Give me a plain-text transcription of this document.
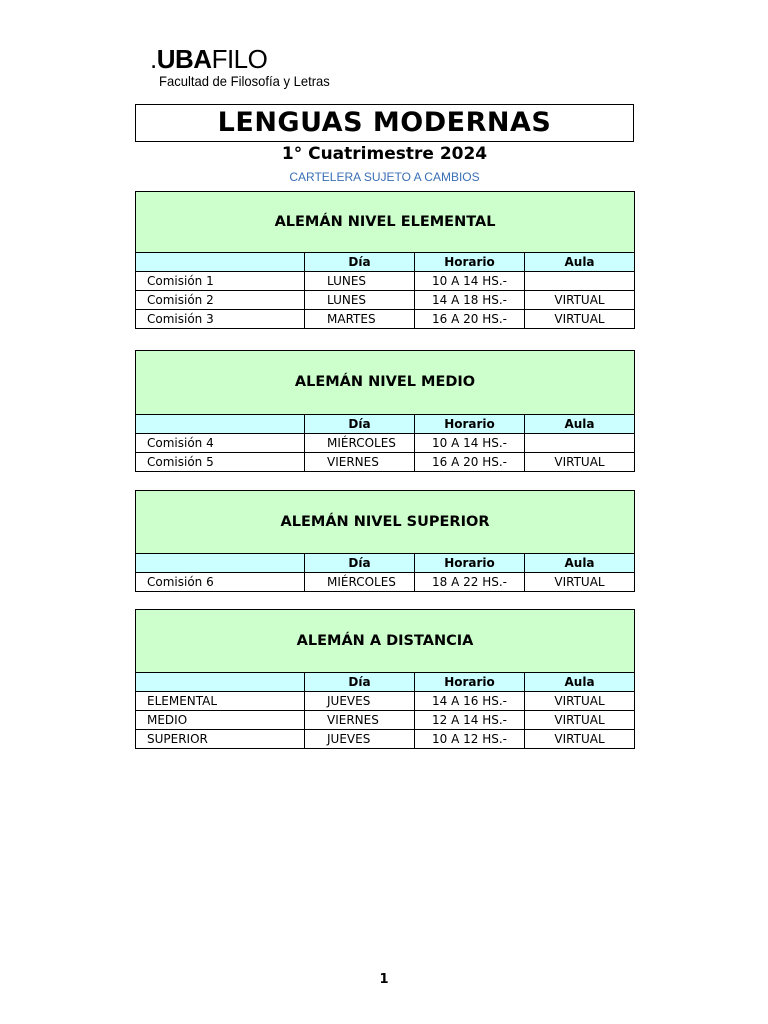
.UBAFILO
Facultad de Filosofía y Letras
LENGUAS MODERNAS
1° Cuatrimestre 2024
CARTELERA SUJETO A CAMBIOS
ALEMÁN NIVEL ELEMENTAL			
	Día	Horario	Aula
Comisión 1	LUNES	10 A 14 HS.-	
Comisión 2	LUNES	14 A 18 HS.-	VIRTUAL
Comisión 3	MARTES	16 A 20 HS.-	VIRTUAL
ALEMÁN NIVEL MEDIO			
	Día	Horario	Aula
Comisión 4	MIÉRCOLES	10 A 14 HS.-	
Comisión 5	VIERNES	16 A 20 HS.-	VIRTUAL
ALEMÁN NIVEL SUPERIOR			
	Día	Horario	Aula
Comisión 6	MIÉRCOLES	18 A 22 HS.-	VIRTUAL
ALEMÁN A DISTANCIA			
	Día	Horario	Aula
ELEMENTAL	JUEVES	14 A 16 HS.-	VIRTUAL
MEDIO	VIERNES	12 A 14 HS.-	VIRTUAL
SUPERIOR	JUEVES	10 A 12 HS.-	VIRTUAL
1
